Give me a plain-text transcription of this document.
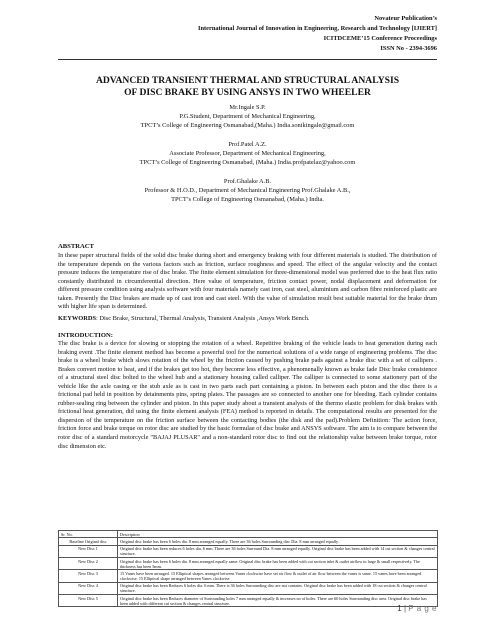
Novateur Publication’s
International Journal of Innovation in Engineering, Research and Technology [IJIERT]
ICITDCEME’15 Conference Proceedings
ISSN No - 2394-3696
ADVANCED TRANSIENT THERMAL AND STRUCTURAL ANALYSIS
OF DISC BRAKE BY USING ANSYS IN TWO WHEELER
Mr.Ingale S.P.
P.G.Student, Department of Mechanical Engineering,
TPCT’s College of Engineering Osmanabad,(Maha.) India.sonikingale@gmail.com
Prof.Patel A.Z.
Associate Professor, Department of Mechanical Engineering,
TPCT’s College of Engineering Osmanabad, (Maha.) India.profpatelaz@yahoo.com
Prof.Ghalake A.B.
Professor & H.O.D., Department of Mechanical Engineering Prof.Ghalake A.B.,
TPCT’s College of Engineering Osmanabad, (Maha.) India.
ABSTRACT
In these paper structural fields of the solid disc brake during short and emergency braking with four different materials is studied. The distribution of the temperature depends on the various factors such as friction, surface roughness and speed. The effect of the angular velocity and the contact pressure induces the temperature rise of disc brake. The finite element simulation for three-dimensional model was preferred due to the heat flux ratio constantly distributed in circumferential direction. Here value of temperature, friction contact power, nodal displacement and deformation for different pressure condition using analysis software with four materials namely cast iron, cast steel, aluminium and carbon fibre reinforced plastic are taken. Presently the Disc brakes are made up of cast iron and cast steel. With the value of simulation result best suitable material for the brake drum with higher life span is determined.
KEYWORDS: Disc Brake, Structural, Thermal Analysis, Transient Analysis ,Ansys Work Bench.
INTRODUCTION:
The disc brake is a device for slowing or stopping the rotation of a wheel. Repetitive braking of the vehicle leads to heat generation during each braking event .The finite element method has become a powerful tool for the numerical solutions of a wide range of engineering problems. The disc brake is a wheel brake which slows rotation of the wheel by the friction caused by pushing brake pads against a brake disc with a set of callipers . Brakes convert motion to heat, and if the brakes get too hot, they become less effective, a phenomenally known as brake fade Disc brake consistence of a structural steel disc bolted to the wheel hub and a stationary housing called calliper. The calliper is connected to some stationery part of the vehicle like the axle casing or the stub axle as is cast in two parts each part containing a piston. In between each piston and the disc there is a frictional pad held in position by detainments pins, spring plates. The passages are so connected to another one for bleeding. Each cylinder contains rubber-sealing ring between the cylinder and piston. In this paper study about a transient analysis of the thermo elastic problem for disk brakes with frictional heat generation, did using the finite element analysis (FEA) method is reported in details. The computational results are presented for the dispersion of the temperature on the friction surface between the contacting bodies (the disk and the pad).Problem Definition: The action force, friction force and brake torque on rotor disc are studied by the basic formulae of disc brake and ANSYS software. The aim is to compare between the rotor disc of a standard motorcycle "BAJAJ PLUSAR" and a non-standard rotor disc to find out the relationship value between brake torque, rotor disc dimension etc.
Sr. No.	Description
Baseline Original disc	Original disc brake has been 6 holes dia. 8 mm arranged equally. There are 36 holes Surrounding disc Dia. 8 mm arranged equally.
New Disc 1	Original disc brake has been reduces 6 holes dia. 6 mm. There are 36 holes Surround Dia. 8 mm arranged equally. Original disc brake has been added with 14 cut section & changes central structure.
New Disc 2	Original disc brake has been 6 holes dia. 8 mm arranged equally same. Original disc brake has been added with cut section inlet & outlet airflow in large & small respectively. The thickness has been 5mm.
New Disc 3	15 Vanes have been arranged. 15 Elliptical shapes arranged between Vanes clockwise have set air flow & outlet of air flow between the vanes is same. 15 vanes have been arranged clockwise. 15 Elliptical shape arranged between Vanes clockwise
New Disc 4	Original disc brake has been Reduces 6 holes dia. 6 mm. There is 36 holes Surrounding disc are not contains. Original disc brake has been added with 18 cut section & changes central structure.
New Disc 5	Original disc brake has been Reduces diameter of Surrounding holes 7 mm arranged equally & increases no of holes. There are 60 holes Surrounding disc area. Original disc brake has been added with different cut section & changes central structure.
1 | P a g e
